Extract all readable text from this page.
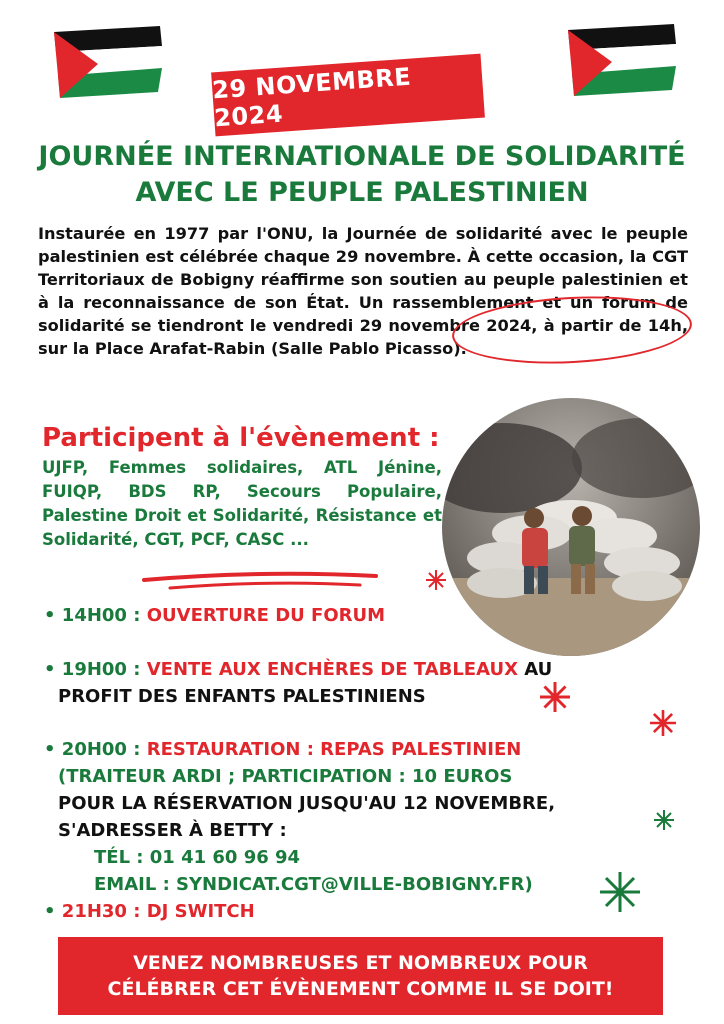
29 NOVEMBRE 2024
JOURNÉE INTERNATIONALE DE SOLIDARITÉ
AVEC LE PEUPLE PALESTINIEN
Instaurée en 1977 par l'ONU, la Journée de solidarité avec le peuple palestinien est célébrée chaque 29 novembre. À cette occasion, la CGT Territoriaux de Bobigny réaffirme son soutien au peuple palestinien et à la reconnaissance de son État. Un rassemblement et un forum de solidarité se tiendront le vendredi 29 novembre 2024, à partir de 14h, sur la Place Arafat-Rabin (Salle Pablo Picasso).
Participent à l'évènement :
UJFP, Femmes solidaires, ATL Jénine, FUIQP, BDS RP, Secours Populaire, Palestine Droit et Solidarité, Résistance et Solidarité, CGT, PCF, CASC ...
• 14H00 : OUVERTURE DU FORUM
• 19H00 : VENTE AUX ENCHÈRES DE TABLEAUX AU
PROFIT DES ENFANTS PALESTINIENS
• 20H00 : RESTAURATION : REPAS PALESTINIEN
(TRAITEUR ARDI ; PARTICIPATION : 10 EUROS
POUR LA RÉSERVATION JUSQU'AU 12 NOVEMBRE,
S'ADRESSER À BETTY :
TÉL : 01 41 60 96 94
EMAIL : SYNDICAT.CGT@VILLE-BOBIGNY.FR)
• 21H30 : DJ SWITCH
VENEZ NOMBREUSES ET NOMBREUX POUR
CÉLÉBRER CET ÉVÈNEMENT COMME IL SE DOIT!
